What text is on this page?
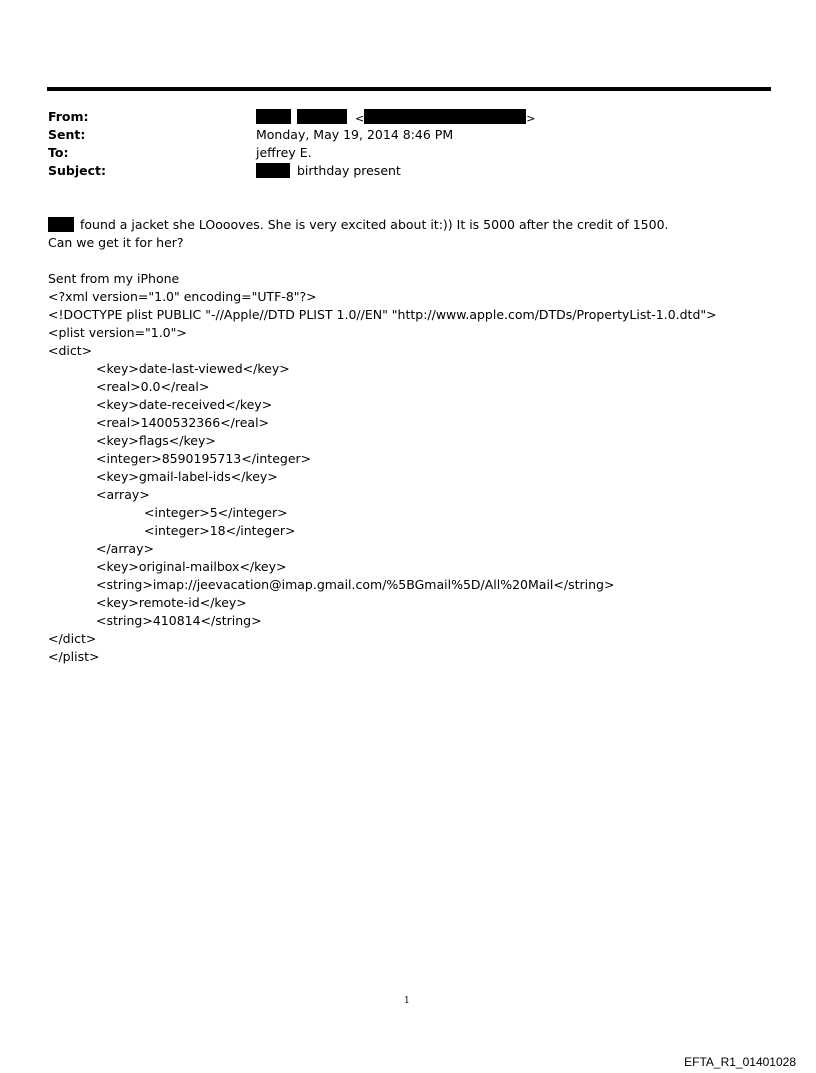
From:	<	>
Sent:	Monday, May 19, 2014 8:46 PM
To:	jeffrey E.
Subject:	birthday present
found a jacket she LOoooves. She is very excited about it:)) It is 5000 after the credit of 1500.
Can we get it for her?
Sent from my iPhone
<?xml version="1.0" encoding="UTF-8"?>
<!DOCTYPE plist PUBLIC "-//Apple//DTD PLIST 1.0//EN" "http://www.apple.com/DTDs/PropertyList-1.0.dtd">
<plist version="1.0">
<dict>
<key>date-last-viewed</key>
<real>0.0</real>
<key>date-received</key>
<real>1400532366</real>
<key>flags</key>
<integer>8590195713</integer>
<key>gmail-label-ids</key>
<array>
<integer>5</integer>
<integer>18</integer>
</array>
<key>original-mailbox</key>
<string>imap://jeevacation@imap.gmail.com/%5BGmail%5D/All%20Mail</string>
<key>remote-id</key>
<string>410814</string>
</dict>
</plist>
1
EFTA_R1_01401028
